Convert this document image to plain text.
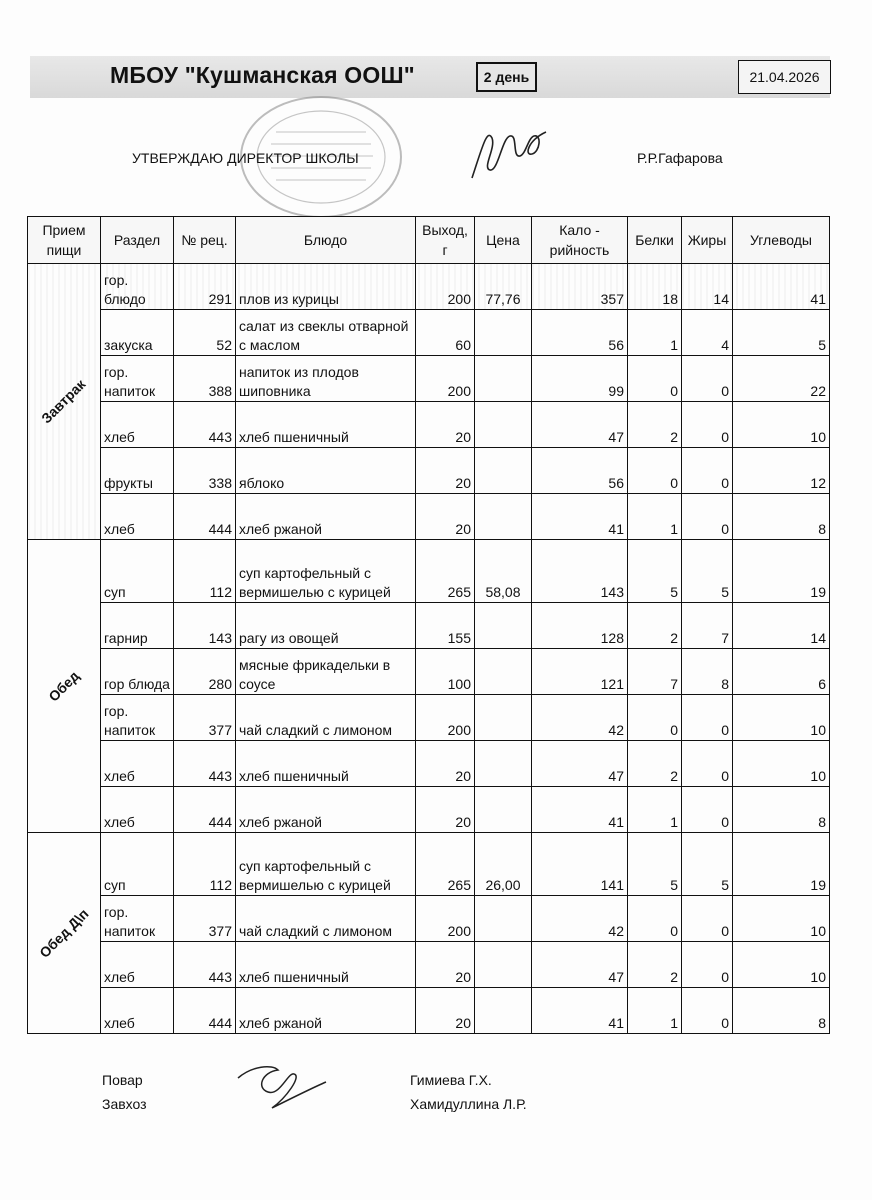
МБОУ "Кушманская ООШ"	2 день	21.04.2026
УТВЕРЖДАЮ ДИРЕКТОР ШКОЛЫ	Р.Р.Гафарова
Прием пищи	Раздел	№ рец.	Блюдо	Выход, г	Цена	Кало - рийность	Белки	Жиры	Углеводы
Завтрак	гор. блюдо	291	плов из курицы	200	77,76	357	18	14	41
	закуска	52	салат из свеклы отварной с маслом	60		56	1	4	5
	гор. напиток	388	напиток из плодов шиповника	200		99	0	0	22
	хлеб	443	хлеб пшеничный	20		47	2	0	10
	фрукты	338	яблоко	20		56	0	0	12
	хлеб	444	хлеб ржаной	20		41	1	0	8
Обед	суп	112	суп картофельный с вермишелью с курицей	265	58,08	143	5	5	19
	гарнир	143	рагу из овощей	155		128	2	7	14
	гор блюда	280	мясные фрикадельки в соусе	100		121	7	8	6
	гор. напиток	377	чай сладкий с лимоном	200		42	0	0	10
	хлеб	443	хлеб пшеничный	20		47	2	0	10
	хлеб	444	хлеб ржаной	20		41	1	0	8
Обед Д\п	суп	112	суп картофельный с вермишелью с курицей	265	26,00	141	5	5	19
	гор. напиток	377	чай сладкий с лимоном	200		42	0	0	10
	хлеб	443	хлеб пшеничный	20		47	2	0	10
	хлеб	444	хлеб ржаной	20		41	1	0	8
Повар
Завхоз
Гимиева Г.Х.
Хамидуллина Л.Р.
